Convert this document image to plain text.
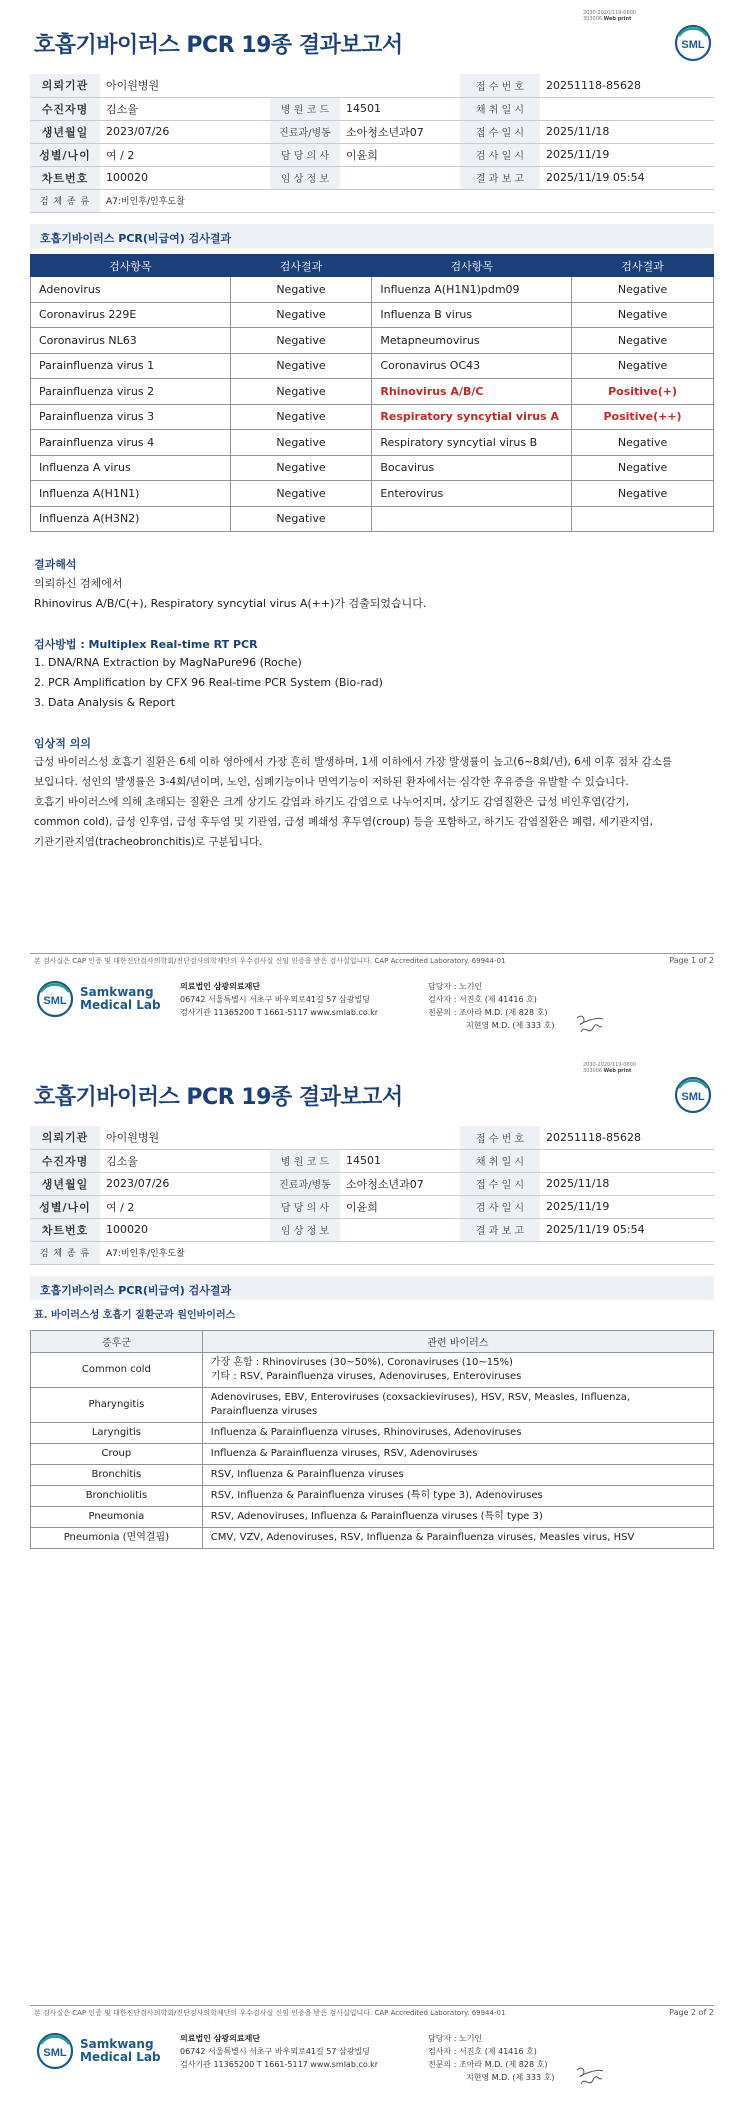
2030-2020/119-0600
303006 Web print
SML
호흡기바이러스 PCR 19종 결과보고서
의뢰기관	아이원병원			접 수 번 호	20251118-85628
수진자명	김소율	병 원 코 드	14501	채 취 일 시	
생년월일	2023/07/26	진료과/병동	소아청소년과07	접 수 일 시	2025/11/18
성별/나이	여 / 2	담 당 의 사	이윤희	검 사 일 시	2025/11/19
차트번호	100020	임 상 정 보		결 과 보 고	2025/11/19 05:54
검 체 종 류	A7:비인후/인후도찰				
호흡기바이러스 PCR(비급여) 검사결과
검사항목	검사결과	검사항목	검사결과
Adenovirus	Negative	Influenza A(H1N1)pdm09	Negative
Coronavirus 229E	Negative	Influenza B virus	Negative
Coronavirus NL63	Negative	Metapneumovirus	Negative
Parainfluenza virus 1	Negative	Coronavirus OC43	Negative
Parainfluenza virus 2	Negative	Rhinovirus A/B/C	Positive(+)
Parainfluenza virus 3	Negative	Respiratory syncytial virus A	Positive(++)
Parainfluenza virus 4	Negative	Respiratory syncytial virus B	Negative
Influenza A virus	Negative	Bocavirus	Negative
Influenza A(H1N1)	Negative	Enterovirus	Negative
Influenza A(H3N2)	Negative		
결과해석
의뢰하신 검체에서
Rhinovirus A/B/C(+), Respiratory syncytial virus A(++)가 검출되었습니다.
검사방법 : Multiplex Real-time RT PCR
1. DNA/RNA Extraction by MagNaPure96 (Roche)
2. PCR Amplification by CFX 96 Real-time PCR System (Bio-rad)
3. Data Analysis & Report
임상적 의의
급성 바이러스성 호흡기 질환은 6세 이하 영아에서 가장 흔히 발생하며, 1세 이하에서 가장 발생률이 높고(6~8회/년), 6세 이후 점차 감소를
보입니다. 성인의 발생률은 3-4회/년이며, 노인, 심폐기능이나 면역기능이 저하된 환자에서는 심각한 후유증을 유발할 수 있습니다.
호흡기 바이러스에 의해 초래되는 질환은 크게 상기도 감염과 하기도 감염으로 나누어지며, 상기도 감염질환은 급성 비인후염(감기,
common cold), 급성 인후염, 급성 후두염 및 기관염, 급성 폐쇄성 후두염(croup) 등을 포함하고, 하기도 감염질환은 폐렴, 세기관지염,
기관기관지염(tracheobronchitis)로 구분됩니다.
본 검사실은 CAP 인증 및 대한진단검사의학회/진단검사의학재단의 우수검사실 신임 인증을 받은 검사실입니다. CAP Accredited Laboratory. 69944-01	Page 1 of 2
SML
Samkwang
Medical Lab
의료법인 삼광의료재단
06742 서울특별시 서초구 바우뫼로41길 57 삼광빌딩
검사기관 11365200 T 1661-5117 www.smlab.co.kr
담당자 : 노기인
검사자 : 서진호 (제 41416 호)
전문의 : 조아라 M.D. (제 828 호)
지현영 M.D. (제 333 호)
2030-2020/119-0600
303006 Web print
SML
호흡기바이러스 PCR 19종 결과보고서
의뢰기관	아이원병원			접 수 번 호	20251118-85628
수진자명	김소율	병 원 코 드	14501	채 취 일 시	
생년월일	2023/07/26	진료과/병동	소아청소년과07	접 수 일 시	2025/11/18
성별/나이	여 / 2	담 당 의 사	이윤희	검 사 일 시	2025/11/19
차트번호	100020	임 상 정 보		결 과 보 고	2025/11/19 05:54
검 체 종 류	A7:비인후/인후도찰				
호흡기바이러스 PCR(비급여) 검사결과
표. 바이러스성 호흡기 질환군과 원인바이러스
증후군	관련 바이러스
Common cold	가장 흔함 : Rhinoviruses (30~50%), Coronaviruses (10~15%)
기타 : RSV, Parainfluenza viruses, Adenoviruses, Enteroviruses
Pharyngitis	Adenoviruses, EBV, Enteroviruses (coxsackieviruses), HSV, RSV, Measles, Influenza,
Parainfluenza viruses
Laryngitis	Influenza & Parainfluenza viruses, Rhinoviruses, Adenoviruses
Croup	Influenza & Parainfluenza viruses, RSV, Adenoviruses
Bronchitis	RSV, Influenza & Parainfluenza viruses
Bronchiolitis	RSV, Influenza & Parainfluenza viruses (특히 type 3), Adenoviruses
Pneumonia	RSV, Adenoviruses, Influenza & Parainfluenza viruses (특히 type 3)
Pneumonia (면역결핍)	CMV, VZV, Adenoviruses, RSV, Influenza & Parainfluenza viruses, Measles virus, HSV
본 검사실은 CAP 인증 및 대한진단검사의학회/진단검사의학재단의 우수검사실 신임 인증을 받은 검사실입니다. CAP Accredited Laboratory. 69944-01	Page 2 of 2
SML
Samkwang
Medical Lab
의료법인 삼광의료재단
06742 서울특별시 서초구 바우뫼로41길 57 삼광빌딩
검사기관 11365200 T 1661-5117 www.smlab.co.kr
담당자 : 노기인
검사자 : 서진호 (제 41416 호)
전문의 : 조아라 M.D. (제 828 호)
지현영 M.D. (제 333 호)
